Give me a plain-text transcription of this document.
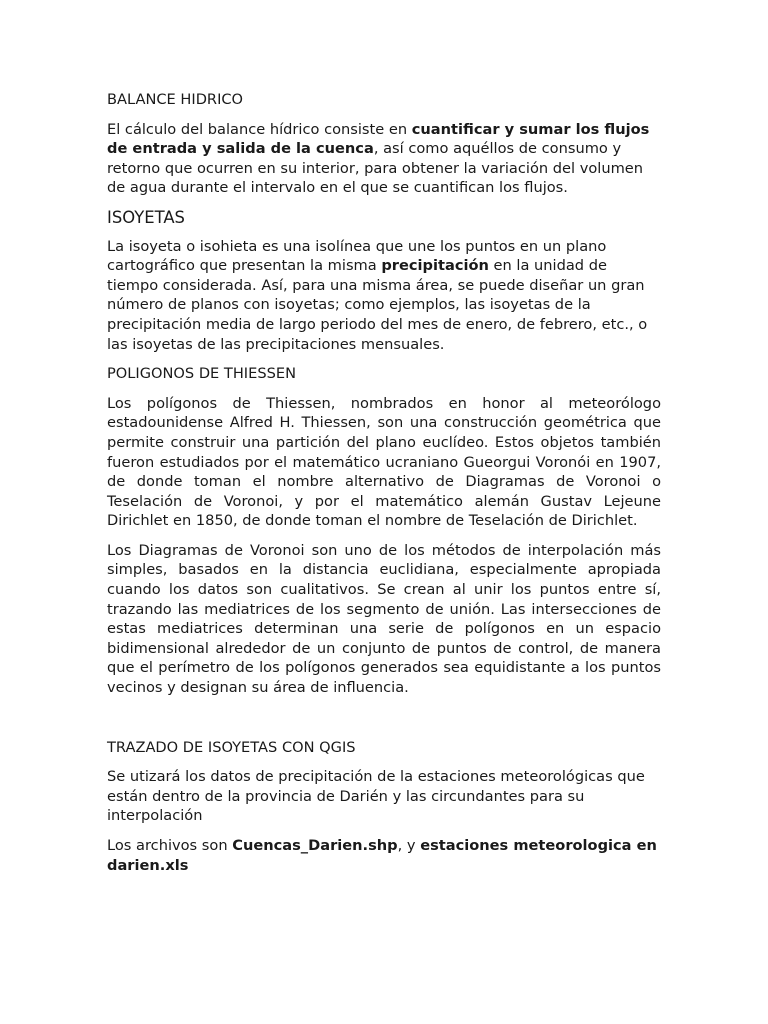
BALANCE HIDRICO

El cálculo del balance hídrico consiste en cuantificar y sumar los flujos de entrada y salida de la cuenca, así como aquéllos de consumo y retorno que ocurren en su interior, para obtener la variación del volumen de agua durante el intervalo en el que se cuantifican los flujos.

ISOYETAS

La isoyeta o isohieta es una isolínea que une los puntos en un plano cartográfico que presentan la misma precipitación en la unidad de tiempo considerada. Así, para una misma área, se puede diseñar un gran número de planos con isoyetas; como ejemplos, las isoyetas de la precipitación media de largo periodo del mes de enero, de febrero, etc., o las isoyetas de las precipitaciones mensuales.

POLIGONOS DE THIESSEN

Los polígonos de Thiessen, nombrados en honor al meteorólogo estadounidense Alfred H. Thiessen, son una construcción geométrica que permite construir una partición del plano euclídeo. Estos objetos también fueron estudiados por el matemático ucraniano Gueorgui Voronói en 1907, de donde toman el nombre alternativo de Diagramas de Voronoi o Teselación de Voronoi, y por el matemático alemán Gustav Lejeune Dirichlet en 1850, de donde toman el nombre de Teselación de Dirichlet.

Los Diagramas de Voronoi son uno de los métodos de interpolación más simples, basados en la distancia euclidiana, especialmente apropiada cuando los datos son cualitativos. Se crean al unir los puntos entre sí, trazando las mediatrices de los segmento de unión. Las intersecciones de estas mediatrices determinan una serie de polígonos en un espacio bidimensional alrededor de un conjunto de puntos de control, de manera que el perímetro de los polígonos generados sea equidistante a los puntos vecinos y designan su área de influencia.

TRAZADO DE ISOYETAS CON QGIS

Se utizará los datos de precipitación de la estaciones meteorológicas que están dentro de la provincia de Darién y las circundantes para su interpolación

Los archivos son Cuencas_Darien.shp, y estaciones meteorologica en darien.xls
